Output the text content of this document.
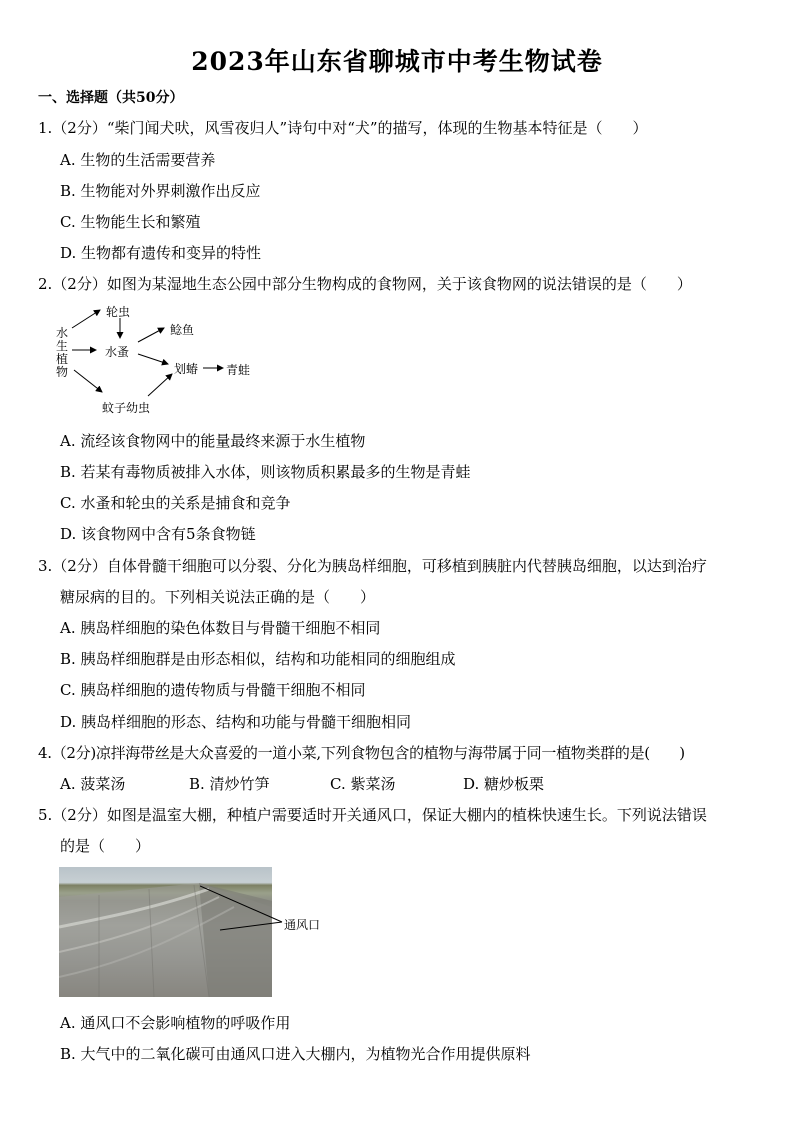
2023年山东省聊城市中考生物试卷
一、选择题（共50分）
1.（2分）“柴门闻犬吠，风雪夜归人”诗句中对“犬”的描写，体现的生物基本特征是（　　）
A. 生物的生活需要营养
B. 生物能对外界刺激作出反应
C. 生物能生长和繁殖
D. 生物都有遗传和变异的特性
2.（2分）如图为某湿地生态公园中部分生物构成的食物网，关于该食物网的说法错误的是（　　）
水
生
植
物
轮虫
水蚤
鲶鱼
划蝽 青蛙
蚊子幼虫
A. 流经该食物网中的能量最终来源于水生植物
B. 若某有毒物质被排入水体，则该物质积累最多的生物是青蛙
C. 水蚤和轮虫的关系是捕食和竞争
D. 该食物网中含有5条食物链
3.（2分）自体骨髓干细胞可以分裂、分化为胰岛样细胞，可移植到胰脏内代替胰岛细胞，以达到治疗
糖尿病的目的。下列相关说法正确的是（　　）
A. 胰岛样细胞的染色体数目与骨髓干细胞不相同
B. 胰岛样细胞群是由形态相似，结构和功能相同的细胞组成
C. 胰岛样细胞的遗传物质与骨髓干细胞不相同
D. 胰岛样细胞的形态、结构和功能与骨髓干细胞相同
4.（2分)凉拌海带丝是大众喜爱的一道小菜,下列食物包含的植物与海带属于同一植物类群的是(　　)
A. 菠菜汤	B. 清炒竹笋	C. 紫菜汤	D. 糖炒板栗
5.（2分）如图是温室大棚，种植户需要适时开关通风口，保证大棚内的植株快速生长。下列说法错误
的是（　　）
通风口
A. 通风口不会影响植物的呼吸作用
B. 大气中的二氧化碳可由通风口进入大棚内，为植物光合作用提供原料
